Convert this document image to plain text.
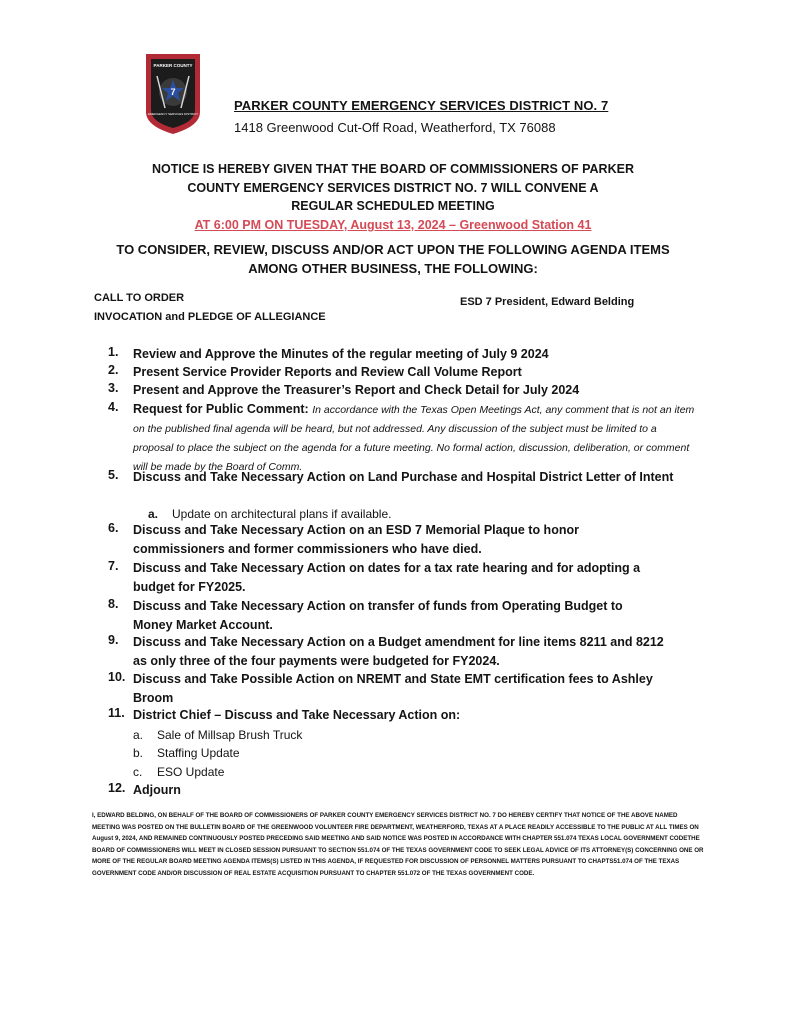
7
PARKER COUNTY
EMERGENCY SERVICES DISTRICT
PARKER COUNTY EMERGENCY SERVICES DISTRICT NO. 7
1418 Greenwood Cut-Off Road, Weatherford, TX 76088
NOTICE IS HEREBY GIVEN THAT THE BOARD OF COMMISSIONERS OF PARKER
COUNTY EMERGENCY SERVICES DISTRICT NO. 7 WILL CONVENE A
REGULAR SCHEDULED MEETING
AT 6:00 PM ON TUESDAY, August 13, 2024 – Greenwood Station 41
TO CONSIDER, REVIEW, DISCUSS AND/OR ACT UPON THE FOLLOWING AGENDA ITEMS
AMONG OTHER BUSINESS, THE FOLLOWING:
CALL TO ORDER
INVOCATION and PLEDGE OF ALLEGIANCE
ESD 7 President, Edward Belding
1.	Review and Approve the Minutes of the regular meeting of July 9 2024
2.	Present Service Provider Reports and Review Call Volume Report
3.	Present and Approve the Treasurer’s Report and Check Detail for July 2024
4.	Request for Public Comment: In accordance with the Texas Open Meetings Act, any comment that is not an item on the published final agenda will be heard, but not addressed. Any discussion of the subject must be limited to a proposal to place the subject on the agenda for a future meeting. No formal action, discussion, deliberation, or comment will be made by the Board of Comm.
5.	Discuss and Take Necessary Action on Land Purchase and Hospital District Letter of Intent
a. Update on architectural plans if available.
6.	Discuss and Take Necessary Action on an ESD 7 Memorial Plaque to honor commissioners and former commissioners who have died.
7.	Discuss and Take Necessary Action on dates for a tax rate hearing and for adopting a budget for FY2025.
8.	Discuss and Take Necessary Action on transfer of funds from Operating Budget to Money Market Account.
9.	Discuss and Take Necessary Action on a Budget amendment for line items 8211 and 8212 as only three of the four payments were budgeted for FY2024.
10. Discuss and Take Possible Action on NREMT and State EMT certification fees to Ashley Broom
11. District Chief – Discuss and Take Necessary Action on:
a. Sale of Millsap Brush Truck
b. Staffing Update
c. ESO Update
12. Adjourn
I, EDWARD BELDING, ON BEHALF OF THE BOARD OF COMMISSIONERS OF PARKER COUNTY EMERGENCY SERVICES DISTRICT NO. 7 DO HEREBY CERTIFY THAT NOTICE OF THE ABOVE NAMED MEETING WAS POSTED ON THE BULLETIN BOARD OF THE GREENWOOD VOLUNTEER FIRE DEPARTMENT, WEATHERFORD, TEXAS AT A PLACE READILY ACCESSIBLE TO THE PUBLIC AT ALL TIMES ON August 9, 2024, AND REMAINED CONTINUOUSLY POSTED PRECEDING SAID MEETING AND SAID NOTICE WAS POSTED IN ACCORDANCE WITH CHAPTER 551.074 TEXAS LOCAL GOVERNMENT CODETHE BOARD OF COMMISSIONERS WILL MEET IN CLOSED SESSION PURSUANT TO SECTION 551.074 OF THE TEXAS GOVERNMENT CODE TO SEEK LEGAL ADVICE OF ITS ATTORNEY(S) CONCERNING ONE OR MORE OF THE REGULAR BOARD MEETING AGENDA ITEMS(S) LISTED IN THIS AGENDA, IF REQUESTED FOR DISCUSSION OF PERSONNEL MATTERS PURSUANT TO CHAPTS51.074 OF THE TEXAS GOVERNMENT CODE AND/OR DISCUSSION OF REAL ESTATE ACQUISITION PURSUANT TO CHAPTER 551.072 OF THE TEXAS GOVERNMENT CODE.
